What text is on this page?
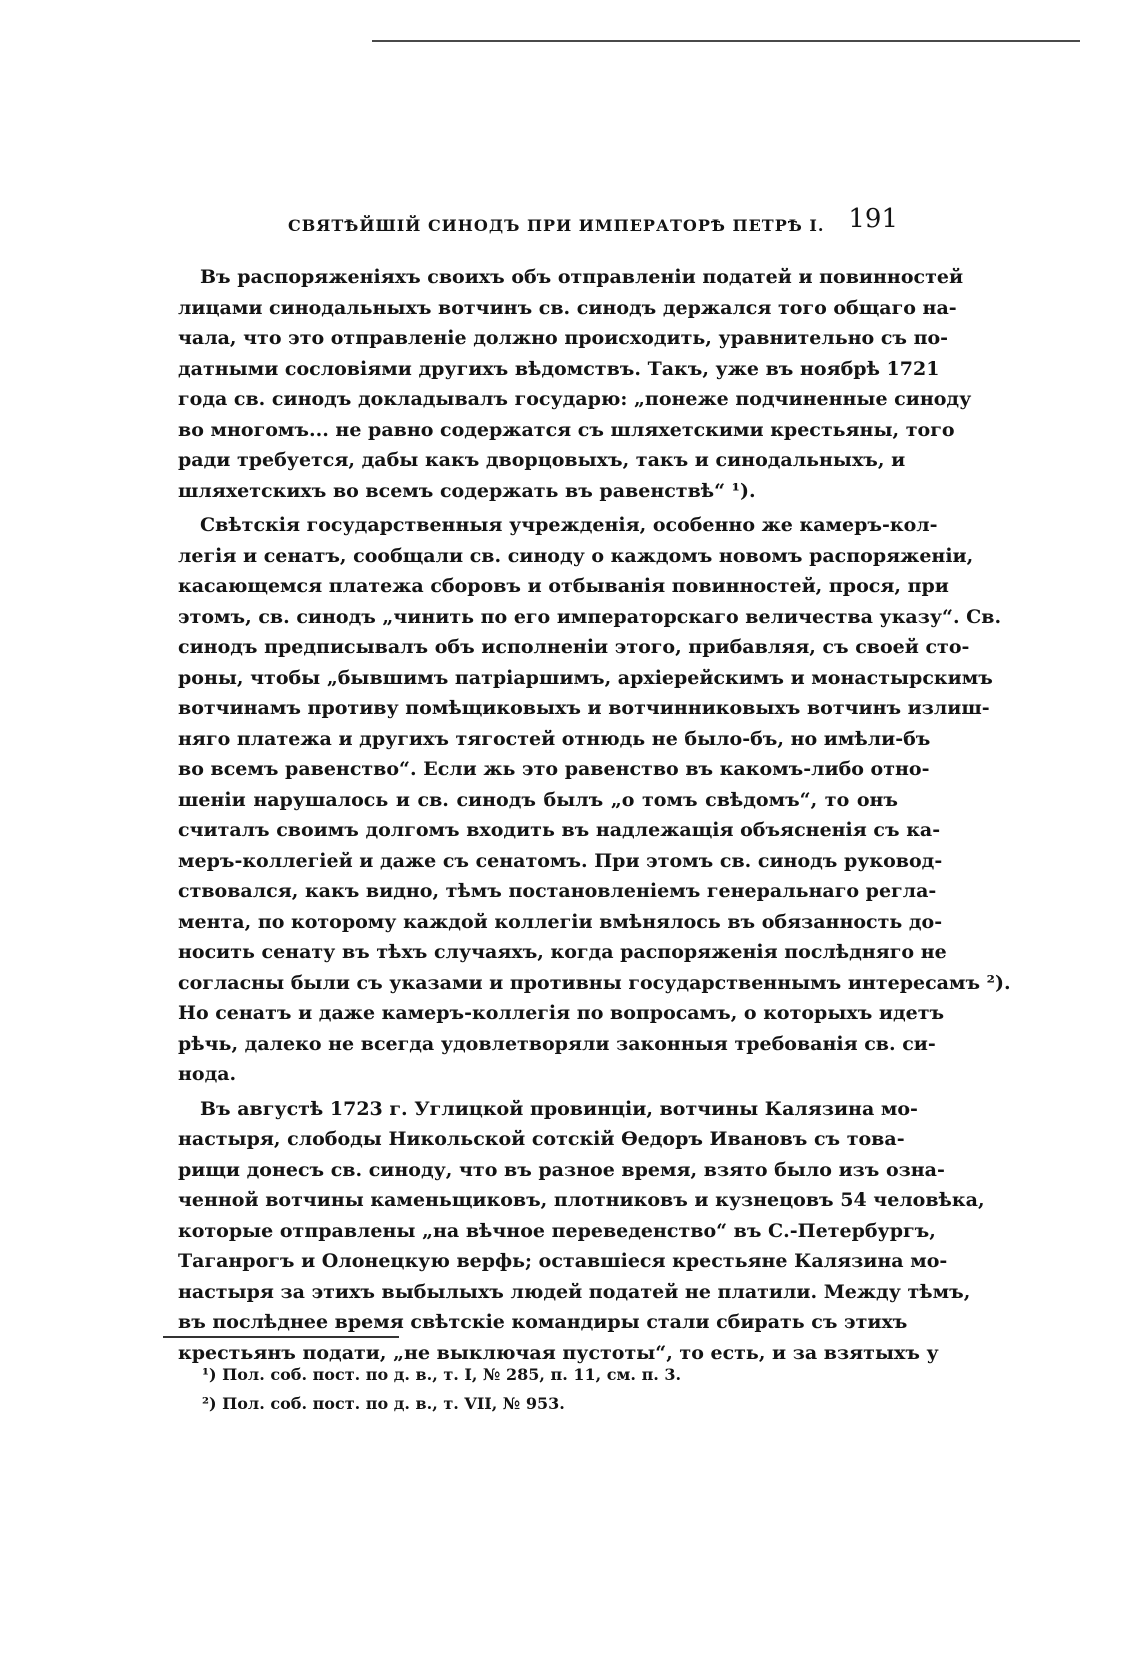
СВЯТѢЙШІЙ СИНОДЪ ПРИ ИМПЕРАТОРѢ ПЕТРѢ I. 191
Въ распоряженіяхъ своихъ объ отправленіи податей и повинностей
лицами синодальныхъ вотчинъ св. синодъ держался того общаго на-
чала, что это отправленіе должно происходить, уравнительно съ по-
датными сословіями другихъ вѣдомствъ. Такъ, уже въ ноябрѣ 1721
года св. синодъ докладывалъ государю: „понеже подчиненные синоду
во многомъ... не равно содержатся съ шляхетскими крестьяны, того
ради требуется, дабы какъ дворцовыхъ, такъ и синодальныхъ, и
шляхетскихъ во всемъ содержать въ равенствѣ“ ¹).
Свѣтскія государственныя учрежденія, особенно же камеръ-кол-
легія и сенатъ, сообщали св. синоду о каждомъ новомъ распоряженіи,
касающемся платежа сборовъ и отбыванія повинностей, прося, при
этомъ, св. синодъ „чинить по его императорскаго величества указу“. Св.
синодъ предписывалъ объ исполненіи этого, прибавляя, съ своей сто-
роны, чтобы „бывшимъ патріаршимъ, архіерейскимъ и монастырскимъ
вотчинамъ противу помѣщиковыхъ и вотчинниковыхъ вотчинъ излиш-
няго платежа и другихъ тягостей отнюдь не было-бъ, но имѣли-бъ
во всемъ равенство“. Если жь это равенство въ какомъ-либо отно-
шеніи нарушалось и св. синодъ былъ „о томъ свѣдомъ“, то онъ
считалъ своимъ долгомъ входить въ надлежащія объясненія съ ка-
меръ-коллегіей и даже съ сенатомъ. При этомъ св. синодъ руковод-
ствовался, какъ видно, тѣмъ постановленіемъ генеральнаго регла-
мента, по которому каждой коллегіи вмѣнялось въ обязанность до-
носить сенату въ тѣхъ случаяхъ, когда распоряженія послѣдняго не
согласны были съ указами и противны государственнымъ интересамъ ²).
Но сенатъ и даже камеръ-коллегія по вопросамъ, о которыхъ идетъ
рѣчь, далеко не всегда удовлетворяли законныя требованія св. си-
нода.
Въ августѣ 1723 г. Углицкой провинціи, вотчины Калязина мо-
настыря, слободы Никольской сотскій Ѳедоръ Ивановъ съ това-
рищи донесъ св. синоду, что въ разное время, взято было изъ озна-
ченной вотчины каменьщиковъ, плотниковъ и кузнецовъ 54 человѣка,
которые отправлены „на вѣчное переведенство“ въ С.-Петербургъ,
Таганрогъ и Олонецкую верфь; оставшіеся крестьяне Калязина мо-
настыря за этихъ выбылыхъ людей податей не платили. Между тѣмъ,
въ послѣднее время свѣтскіе командиры стали сбирать съ этихъ
крестьянъ подати, „не выключая пустоты“, то есть, и за взятыхъ у
¹) Пол. соб. пост. по д. в., т. I, № 285, п. 11, см. п. 3.
²) Пол. соб. пост. по д. в., т. VII, № 953.
